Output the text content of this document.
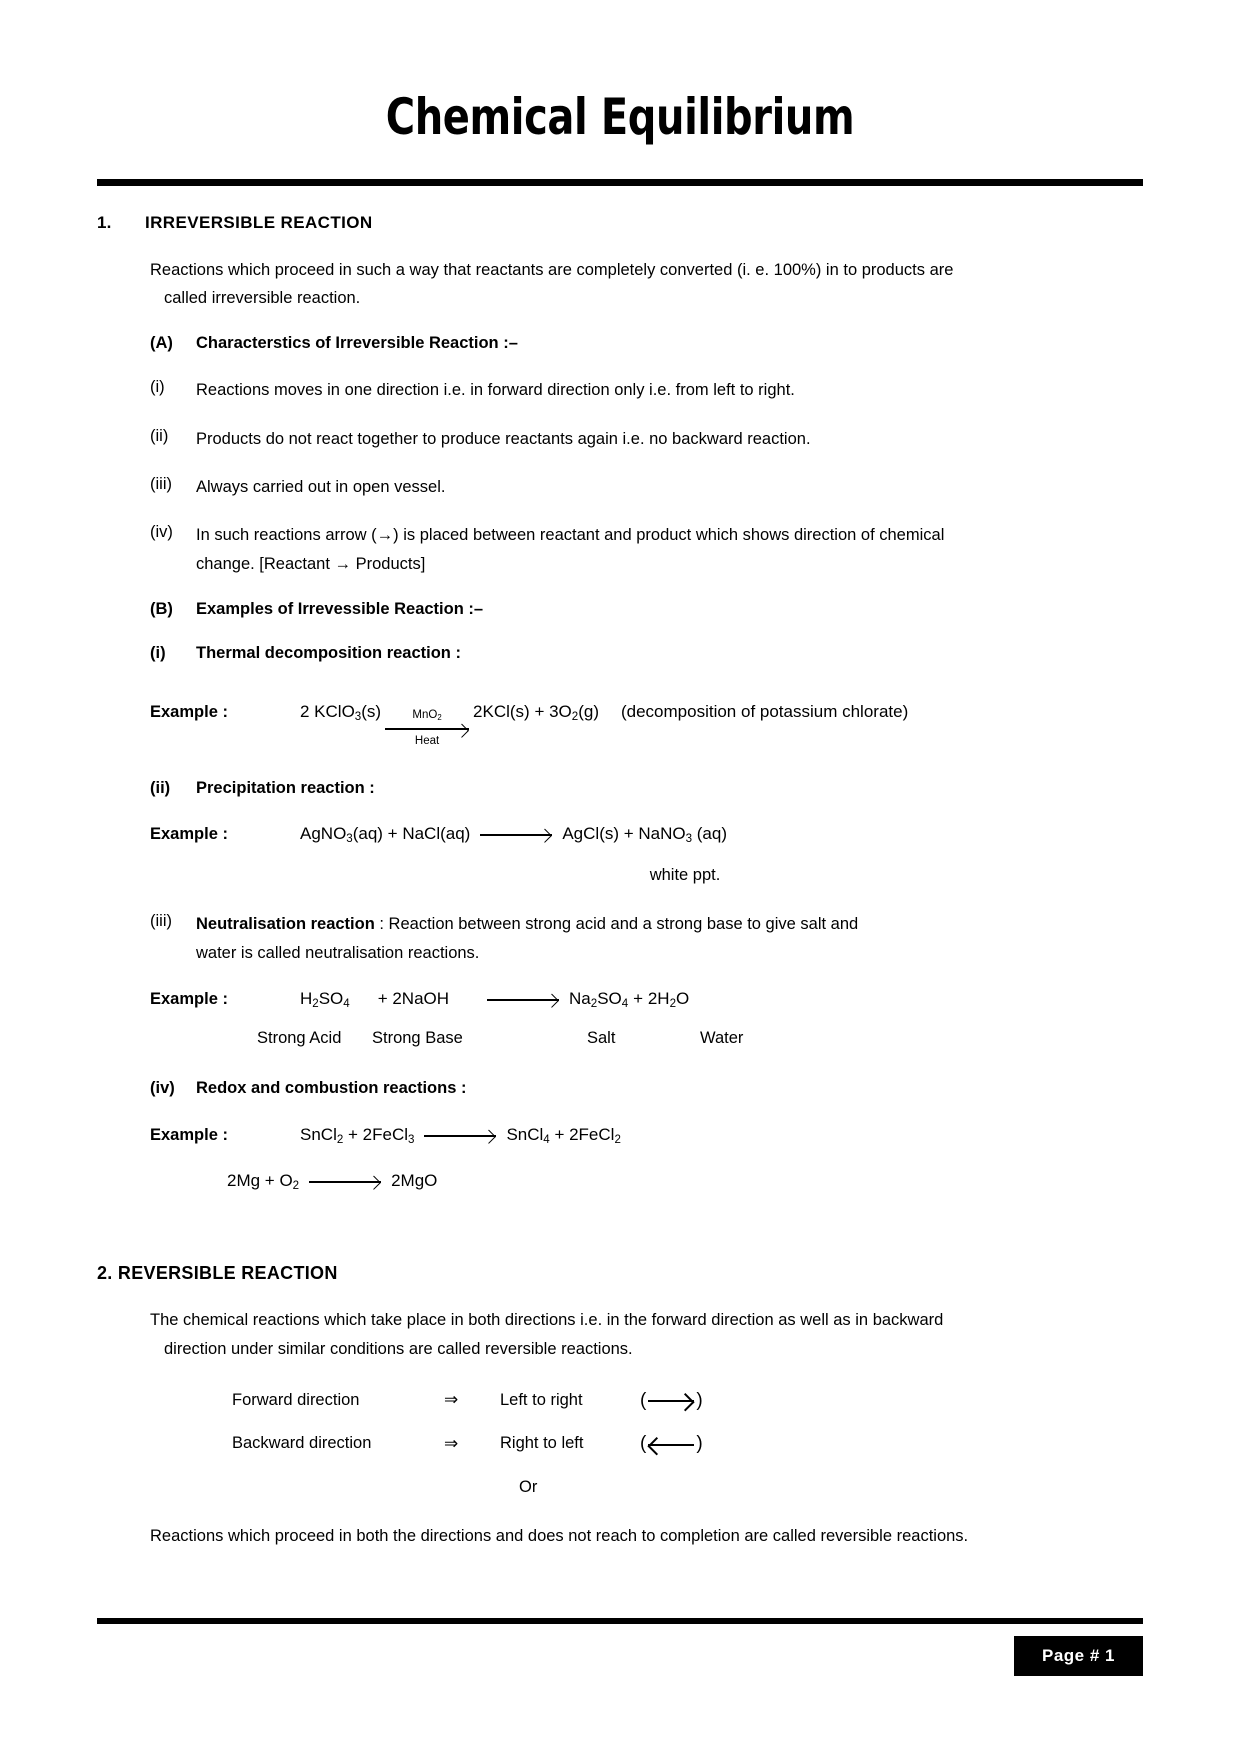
Chemical Equilibrium
1.	IRREVERSIBLE REACTION
Reactions which proceed in such a way that reactants are completely converted (i. e. 100%) in to products are
called irreversible reaction.
(A)	Characterstics of Irreversible Reaction :–
(i)	Reactions moves in one direction i.e. in forward direction only i.e. from left to right.
(ii)	Products do not react together to produce reactants again i.e. no backward reaction.
(iii)	Always carried out in open vessel.
(iv)	In such reactions arrow (→) is placed between reactant and product which shows direction of chemical
change. [Reactant → Products]
(B)	Examples of Irrevessible Reaction :–
(i)	Thermal decomposition reaction :
Example :	2 KClO$_3$(s)	MnO$_2$
Heat
$2KCl(s) + 3O_2(g)$	(decomposition of potassium chlorate)
(ii)	Precipitation reaction :
Example :	AgNO$_3$(aq) + NaCl(aq)	AgCl(s) + NaNO$_3$ (aq)
white ppt.
(iii)	Neutralisation reaction : Reaction between strong acid and a strong base to give salt and
water is called neutralisation reactions.
Example :	$H_2SO_4$	+ 2NaOH	$Na_2SO_4 + 2H_2O$
Strong Acid Strong Base	Salt	Water
(iv)	Redox and combustion reactions :
Example :	SnCl$_2$ + 2FeCl$_3$	SnCl$_4$ + 2FeCl$_2$
$2Mg + O_2$	2MgO
2. REVERSIBLE REACTION
The chemical reactions which take place in both directions i.e. in the forward direction as well as in backward
direction under similar conditions are called reversible reactions.
Forward direction	⇒	Left to right	(	)
Backward direction	⇒	Right to left	(	)
Or
Reactions which proceed in both the directions and does not reach to completion are called reversible reactions.
Page # 1
